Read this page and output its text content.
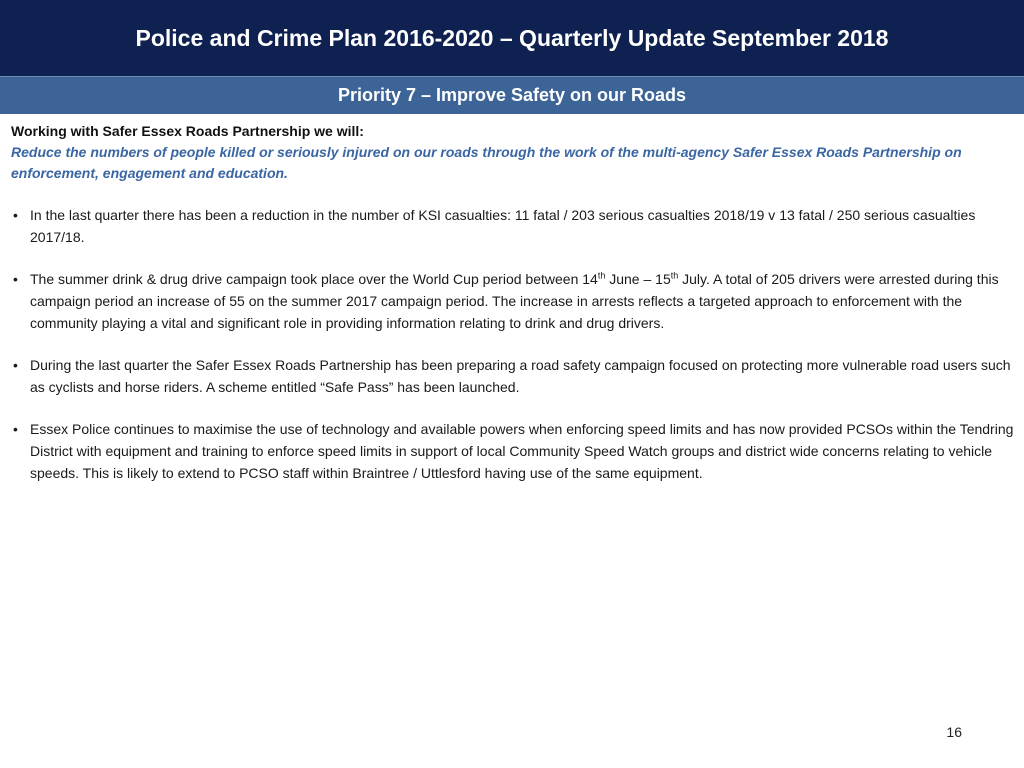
Police and Crime Plan 2016-2020 – Quarterly Update September 2018
Priority 7 – Improve Safety on our Roads
Working with Safer Essex Roads Partnership we will:
Reduce the numbers of people killed or seriously injured on our roads through the work of the multi-agency Safer Essex Roads Partnership on enforcement, engagement and education.
• In the last quarter there has been a reduction in the number of KSI casualties: 11 fatal / 203 serious casualties 2018/19 v 13 fatal / 250 serious casualties 2017/18.
• The summer drink & drug drive campaign took place over the World Cup period between 14th June – 15th July. A total of 205 drivers were arrested during this campaign period an increase of 55 on the summer 2017 campaign period. The increase in arrests reflects a targeted approach to enforcement with the community playing a vital and significant role in providing information relating to drink and drug drivers.
• During the last quarter the Safer Essex Roads Partnership has been preparing a road safety campaign focused on protecting more vulnerable road users such as cyclists and horse riders. A scheme entitled “Safe Pass” has been launched.
• Essex Police continues to maximise the use of technology and available powers when enforcing speed limits and has now provided PCSOs within the Tendring District with equipment and training to enforce speed limits in support of local Community Speed Watch groups and district wide concerns relating to vehicle speeds. This is likely to extend to PCSO staff within Braintree / Uttlesford having use of the same equipment.
16
